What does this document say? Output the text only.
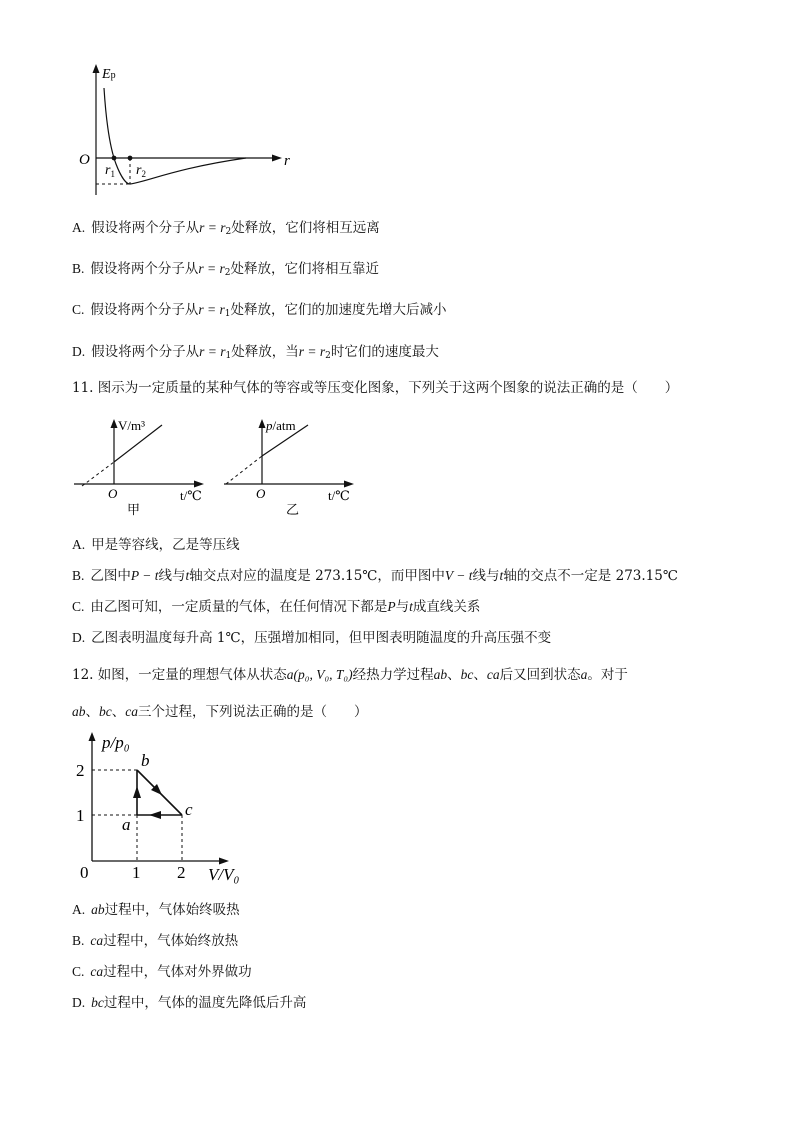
Ep
O	r
$r_1$ $r_2$
A. 假设将两个分子从$r = r_2$处释放，它们将相互远离
B. 假设将两个分子从$r = r_2$处释放，它们将相互靠近
C. 假设将两个分子从$r = r_1$处释放，它们的加速度先增大后减小
D. 假设将两个分子从$r = r_1$处释放，当$r = r_2$时它们的速度最大
11. 图示为一定质量的某种气体的等容或等压变化图象，下列关于这两个图象的说法正确的是（　　）
V/m³
O	t/℃
甲
p/atm
O	t/℃
乙
A. 甲是等容线，乙是等压线
B. 乙图中P − t线与t轴交点对应的温度是 273.15℃，而甲图中V − t线与t轴的交点不一定是 273.15℃
C. 由乙图可知，一定质量的气体，在任何情况下都是P与t成直线关系
D. 乙图表明温度每升高 1℃，压强增加相同，但甲图表明随温度的升高压强不变
12. 如图，一定量的理想气体从状态a(p₀, V₀, T₀)经热力学过程ab、bc、ca后又回到状态a。对于
ab、bc、ca三个过程，下列说法正确的是（　　）
p/p₀
V/V₀
0	1 2
2
1 a
b
c
A. ab过程中，气体始终吸热
B. ca过程中，气体始终放热
C. ca过程中，气体对外界做功
D. bc过程中，气体的温度先降低后升高
